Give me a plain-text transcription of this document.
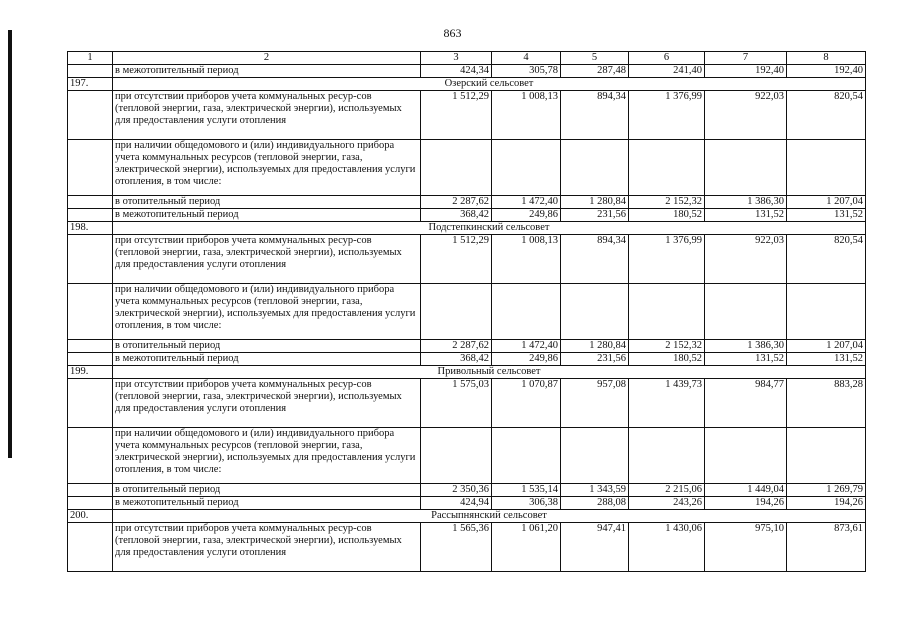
863
1	2	3	4	5	6	7	8
	в межотопительный период	424,34	305,78	287,48	241,40	192,40	192,40
197.	Озерский сельсовет						
	при отсутствии приборов учета коммунальных ресур-сов (тепловой энергии, газа, электрической энергии), используемых для предоставления услуги отопления	1 512,29	1 008,13	894,34	1 376,99	922,03	820,54
	при наличии общедомового и (или) индивидуального прибора учета коммунальных ресурсов (тепловой энергии, газа, электрической энергии), используемых для предоставления услуги отопления, в том числе:						
	в отопительный период	2 287,62	1 472,40	1 280,84	2 152,32	1 386,30	1 207,04
	в межотопительный период	368,42	249,86	231,56	180,52	131,52	131,52
198.	Подстепкинский сельсовет						
	при отсутствии приборов учета коммунальных ресур-сов (тепловой энергии, газа, электрической энергии), используемых для предоставления услуги отопления	1 512,29	1 008,13	894,34	1 376,99	922,03	820,54
	при наличии общедомового и (или) индивидуального прибора учета коммунальных ресурсов (тепловой энергии, газа, электрической энергии), используемых для предоставления услуги отопления, в том числе:						
	в отопительный период	2 287,62	1 472,40	1 280,84	2 152,32	1 386,30	1 207,04
	в межотопительный период	368,42	249,86	231,56	180,52	131,52	131,52
199.	Привольный сельсовет						
	при отсутствии приборов учета коммунальных ресур-сов (тепловой энергии, газа, электрической энергии), используемых для предоставления услуги отопления	1 575,03	1 070,87	957,08	1 439,73	984,77	883,28
	при наличии общедомового и (или) индивидуального прибора учета коммунальных ресурсов (тепловой энергии, газа, электрической энергии), используемых для предоставления услуги отопления, в том числе:						
	в отопительный период	2 350,36	1 535,14	1 343,59	2 215,06	1 449,04	1 269,79
	в межотопительный период	424,94	306,38	288,08	243,26	194,26	194,26
200.	Рассыпнянский сельсовет						
	при отсутствии приборов учета коммунальных ресур-сов (тепловой энергии, газа, электрической энергии), используемых для предоставления услуги отопления	1 565,36	1 061,20	947,41	1 430,06	975,10	873,61
